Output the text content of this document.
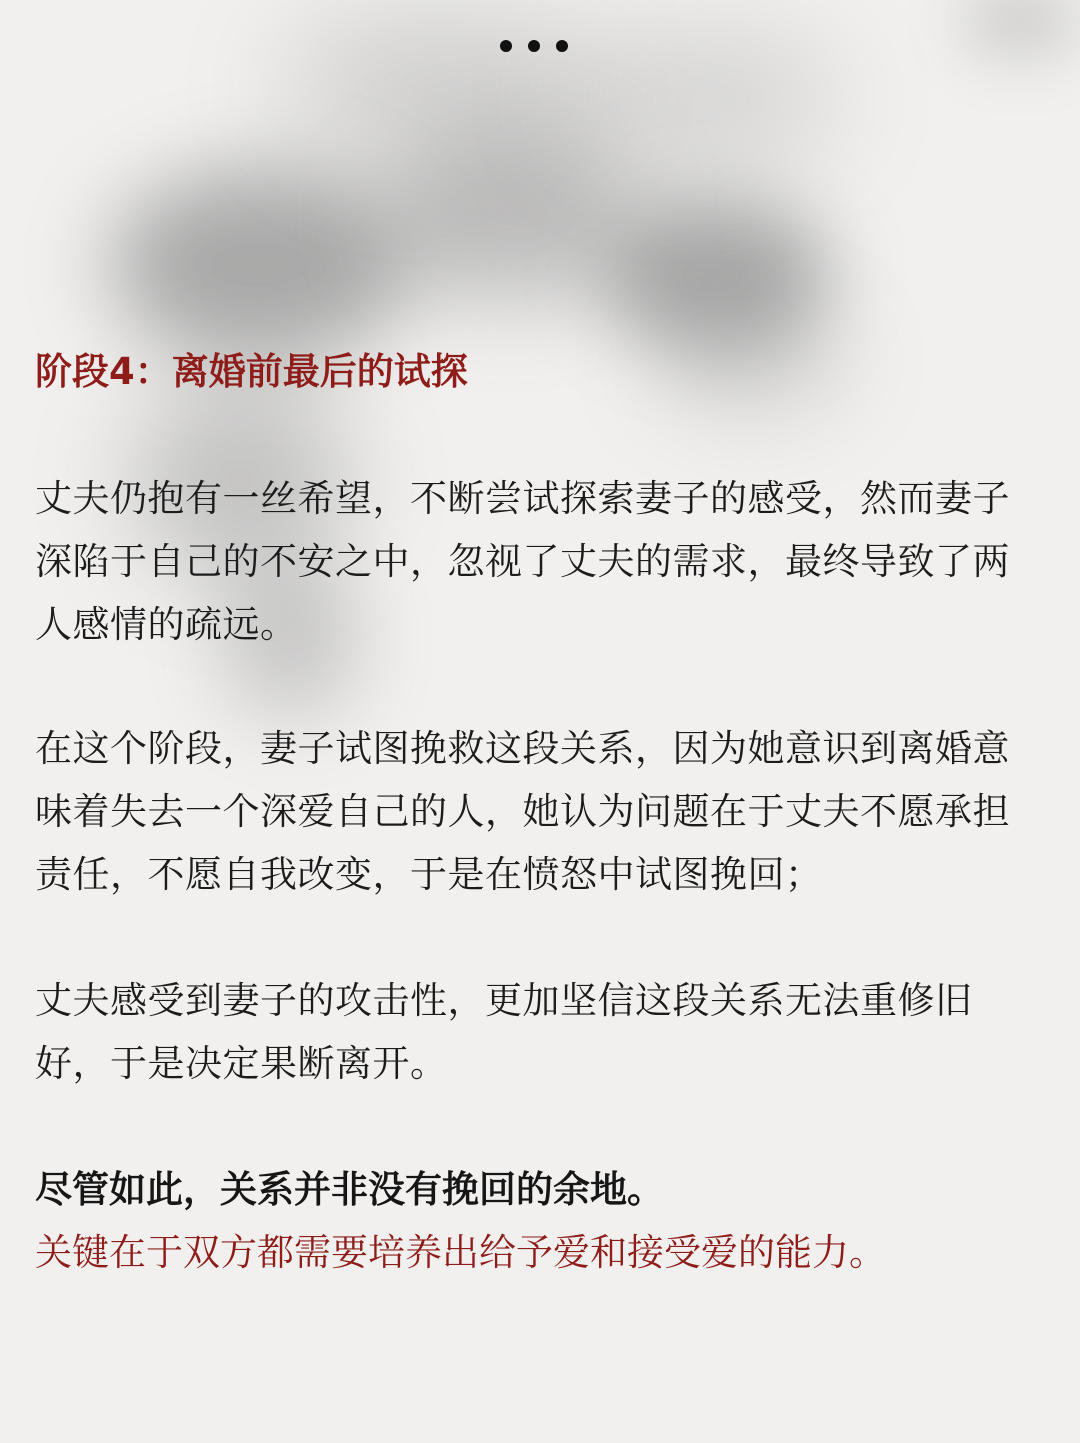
阶段4：离婚前最后的试探
丈夫仍抱有一丝希望，不断尝试探索妻子的感受，然而妻子深陷于自己的不安之中，忽视了丈夫的需求，最终导致了两人感情的疏远。
在这个阶段，妻子试图挽救这段关系，因为她意识到离婚意味着失去一个深爱自己的人，她认为问题在于丈夫不愿承担责任，不愿自我改变，于是在愤怒中试图挽回；
丈夫感受到妻子的攻击性，更加坚信这段关系无法重修旧好，于是决定果断离开。
尽管如此，关系并非没有挽回的余地。
关键在于双方都需要培养出给予爱和接受爱的能力。
